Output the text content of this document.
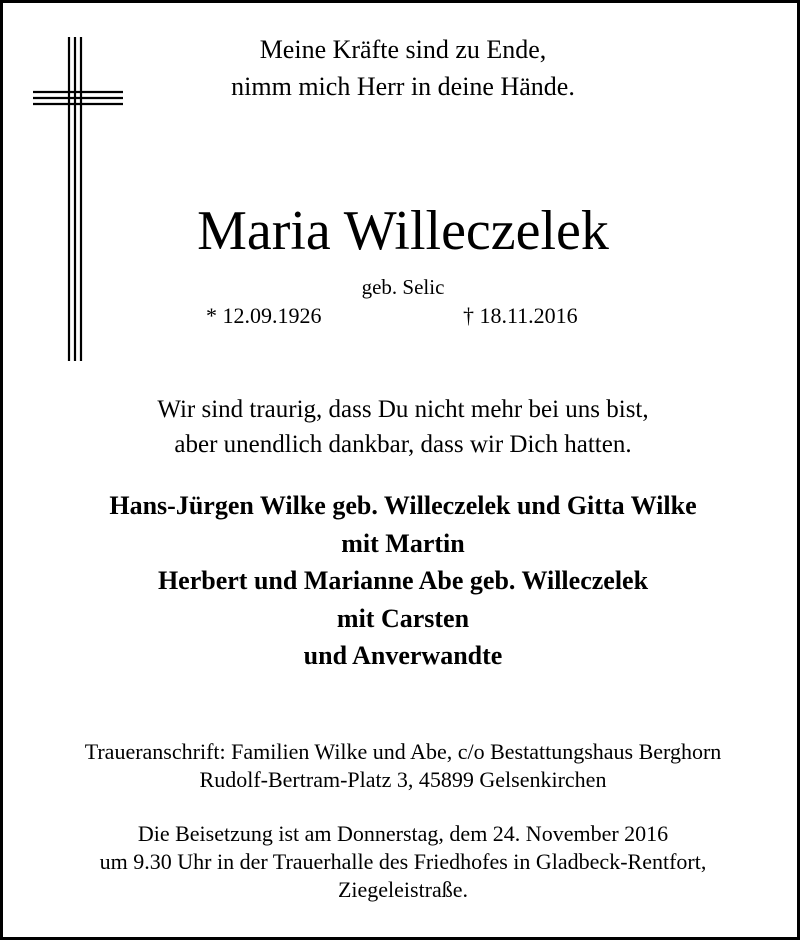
Meine Kräfte sind zu Ende,
nimm mich Herr in deine Hände.
Maria Willeczelek
geb. Selic
* 12.09.1926	† 18.11.2016
Wir sind traurig, dass Du nicht mehr bei uns bist,
aber unendlich dankbar, dass wir Dich hatten.
Hans-Jürgen Wilke geb. Willeczelek und Gitta Wilke
mit Martin
Herbert und Marianne Abe geb. Willeczelek
mit Carsten
und Anverwandte
Traueranschrift: Familien Wilke und Abe, c/o Bestattungshaus Berghorn
Rudolf-Bertram-Platz 3, 45899 Gelsenkirchen
Die Beisetzung ist am Donnerstag, dem 24. November 2016
um 9.30 Uhr in der Trauerhalle des Friedhofes in Gladbeck-Rentfort,
Ziegeleistraße.
